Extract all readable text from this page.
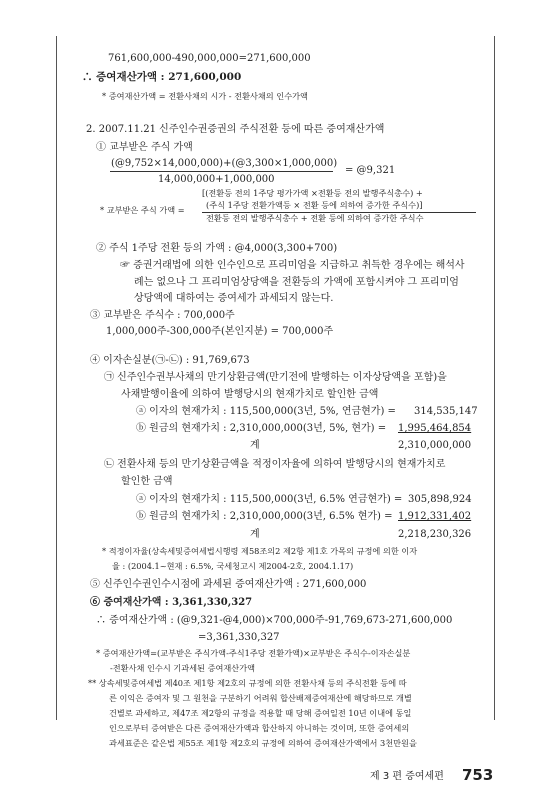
761,600,000-490,000,000=271,600,000
∴ 증여재산가액 : 271,600,000
* 증여재산가액 = 전환사채의 시가 - 전환사채의 인수가액
2. 2007.11.21 신주인수권증권의 주식전환 등에 따른 증여재산가액
① 교부받은 주식 가액
(@9,752×14,000,000)+(@3,300×1,000,000)
= @9,321
14,000,000+1,000,000
[(전환등 전의 1주당 평가가액 ×전환등 전의 발행주식총수) +
(주식 1주당 전환가액등 × 전환 등에 의하여 증가한 주식수)]
* 교부받은 주식 가액 =
전환등 전의 발행주식총수 + 전환 등에 의하여 증가한 주식수
② 주식 1주당 전환 등의 가액 : @4,000(3,300+700)
☞ 증권거래법에 의한 인수인으로 프리미엄을 지급하고 취득한 경우에는 해석사
례는 없으나 그 프리미엄상당액을 전환등의 가액에 포함시켜야 그 프리미엄
상당액에 대하여는 증여세가 과세되지 않는다.
③ 교부받은 주식수 : 700,000주
1,000,000주-300,000주(본인지분) = 700,000주
④ 이자손실분(㉠-㉡) : 91,769,673
㉠ 신주인수권부사채의 만기상환금액(만기전에 발행하는 이자상당액을 포함)을
사채발행이율에 의하여 발행당시의 현재가치로 할인한 금액
ⓐ 이자의 현재가치 : 115,500,000(3년, 5%, 연금현가) = 314,535,147
ⓑ 원금의 현재가치 : 2,310,000,000(3년, 5%, 현가) = 1,995,464,854
계	2,310,000,000
㉡ 전환사채 등의 만기상환금액을 적정이자율에 의하여 발행당시의 현재가치로
할인한 금액
ⓐ 이자의 현재가치 : 115,500,000(3년, 6.5% 연금현가) = 305,898,924
ⓑ 원금의 현재가치 : 2,310,000,000(3년, 6.5% 현가) = 1,912,331,402
계	2,218,230,326
* 적정이자율(상속세및증여세법시행령 제58조의2 제2항 제1호 가목의 규정에 의한 이자
율 : (2004.1~현재 : 6.5%, 국세청고시 제2004-2호, 2004.1.17)
⑤ 신주인수권인수시점에 과세된 증여재산가액 : 271,600,000
⑥ 증여재산가액 : 3,361,330,327
∴ 증여재산가액 : (@9,321-@4,000)×700,000주-91,769,673-271,600,000
=3,361,330,327
* 증여재산가액=(교부받은 주식가액-주식1주당 전환가액)×교부받은 주식수-이자손실분
-전환사채 인수시 기과세된 증여재산가액
** 상속세및증여세법 제40조 제1항 제2호의 규정에 의한 전환사채 등의 주식전환 등에 따
른 이익은 증여자 및 그 원천을 구분하기 어려워 합산배제증여재산에 해당하므로 개별
건별로 과세하고, 제47조 제2항의 규정을 적용할 때 당해 증여일전 10년 이내에 동일
인으로부터 증여받은 다른 증여재산가액과 합산하지 아니하는 것이며, 또한 증여세의
과세표준은 같은법 제55조 제1항 제2호의 규정에 의하여 증여재산가액에서 3천만원을
제 3 편 증여세편 753
